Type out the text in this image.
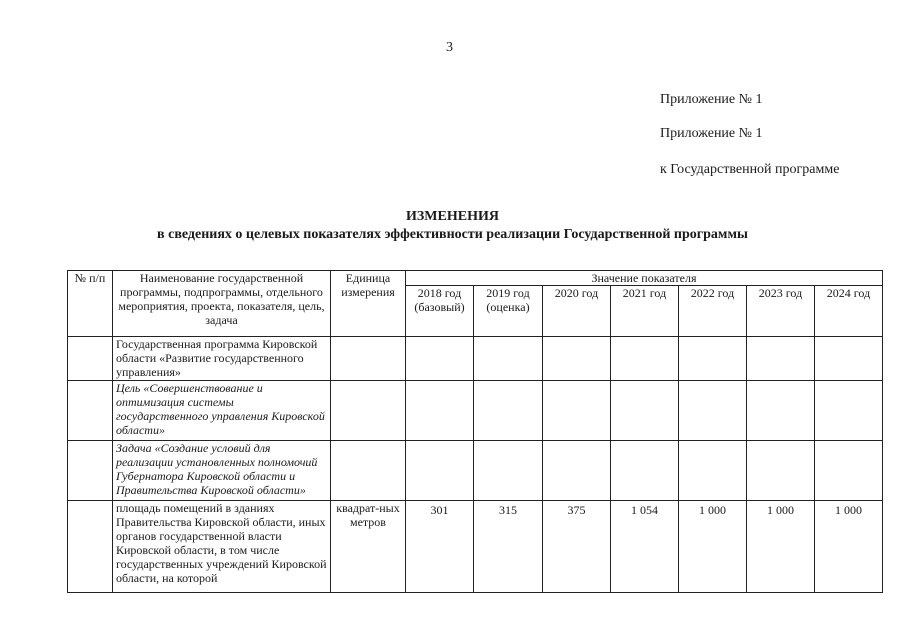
3
Приложение № 1
Приложение № 1
к Государственной программе
ИЗМЕНЕНИЯ
в сведениях о целевых показателях эффективности реализации Государственной программы
№ п/п	Наименование государственной программы, подпрограммы, отдельного мероприятия, проекта, показателя, цель, задача	Единица измерения	Значение показателя						
			2018 год (базовый)	2019 год (оценка)	2020 год	2021 год	2022 год	2023 год	2024 год
	Государственная программа Кировской области «Развитие государственного управления»								
	Цель «Совершенствование и оптимизация системы государственного управления Кировской области»								
	Задача «Создание условий для реализации установленных полномочий Губернатора Кировской области и Правительства Кировской области»								
	площадь помещений в зданиях Правительства Кировской области, иных органов государственной власти Кировской области, в том числе государственных учреждений Кировской области, на которой	квадрат-ных метров	301	315	375	1 054	1 000	1 000	1 000
